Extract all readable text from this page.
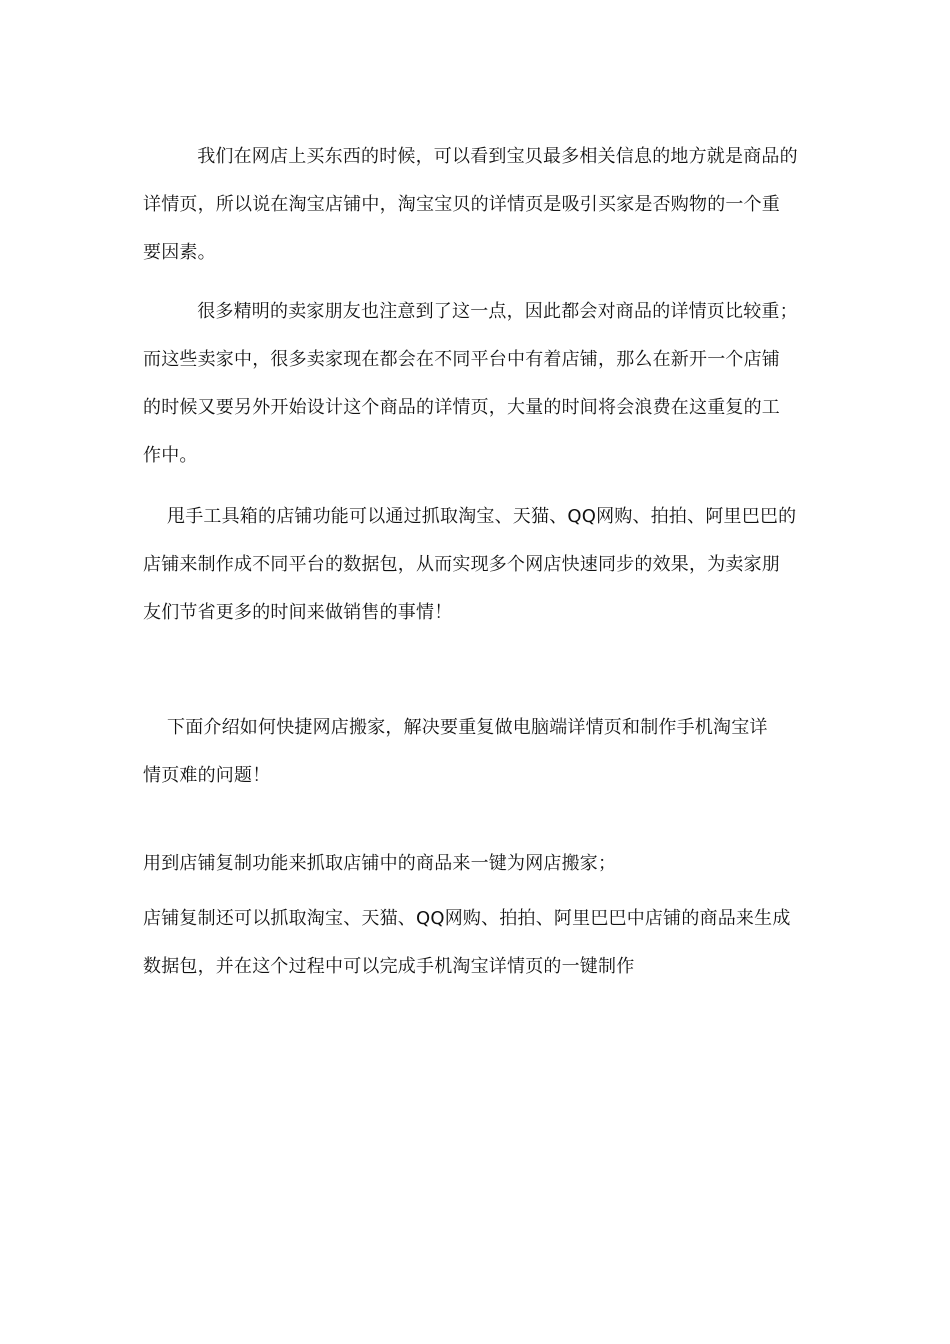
　我们在网店上买东西的时候，可以看到宝贝最多相关信息的地方就是商品的
详情页，所以说在淘宝店铺中，淘宝宝贝的详情页是吸引买家是否购物的一个重
要因素。
　很多精明的卖家朋友也注意到了这一点，因此都会对商品的详情页比较重；
而这些卖家中，很多卖家现在都会在不同平台中有着店铺，那么在新开一个店铺
的时候又要另外开始设计这个商品的详情页，大量的时间将会浪费在这重复的工
作中。
甩手工具箱的店铺功能可以通过抓取淘宝、天猫、QQ网购、拍拍、阿里巴巴的
店铺来制作成不同平台的数据包，从而实现多个网店快速同步的效果，为卖家朋
友们节省更多的时间来做销售的事情！
下面介绍如何快捷网店搬家，解决要重复做电脑端详情页和制作手机淘宝详
情页难的问题！
用到店铺复制功能来抓取店铺中的商品来一键为网店搬家；
店铺复制还可以抓取淘宝、天猫、QQ网购、拍拍、阿里巴巴中店铺的商品来生成
数据包，并在这个过程中可以完成手机淘宝详情页的一键制作
